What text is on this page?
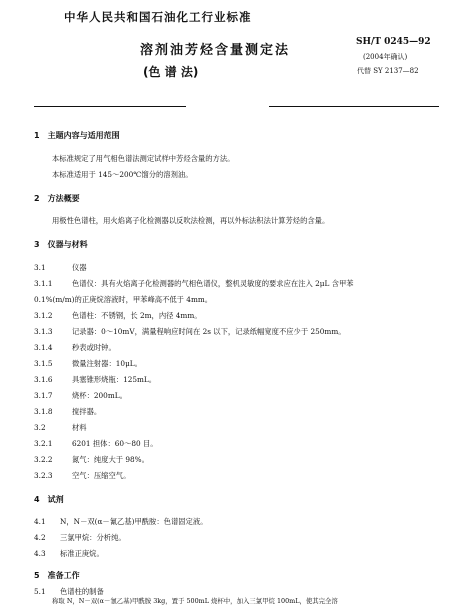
中华人民共和国石油化工行业标准
溶剂油芳烃含量测定法
(色 谱 法)
SH/T 0245—92
(2004年确认)
代替 SY 2137—82
1　主题内容与适用范围
本标准规定了用气相色谱法测定试样中芳烃含量的方法。
本标准适用于 145～200℃馏分的溶剂油。
2　方法概要
用极性色谱柱，用火焰离子化检测器以反吹法检测，再以外标法积法计算芳烃的含量。
3　仪器与材料
3.1	仪器
3.1.1	色谱仪：具有火焰离子化检测器的气相色谱仪，整机灵敏度的要求应在注入 2μL 含甲苯
0.1%(m/m)的正庚烷溶液时，甲苯峰高不低于 4mm。
3.1.2	色谱柱：不锈钢，长 2m，内径 4mm。
3.1.3	记录器：0～10mV，满量程响应时间在 2s 以下，记录纸幅宽度不应少于 250mm。
3.1.4	秒表或时钟。
3.1.5	微量注射器：10μL。
3.1.6	具塞锥形烧瓶：125mL。
3.1.7	烧杯：200mL。
3.1.8	搅拌器。
3.2	材料
3.2.1	6201 担体：60～80 目。
3.2.2	氮气：纯度大于 98%。
3.2.3	空气：压缩空气。
4　试剂
4.1 N，N－双(α－氰乙基)甲酰胺：色谱固定液。
4.2 三氯甲烷：分析纯。
4.3 标准正庚烷。
5　准备工作
5.1 色谱柱的制备
称取 N，N－双(α－氰乙基)甲酰胺 3kg，置于 500mL 烧杯中，加入三氯甲烷 100mL，使其完全溶
